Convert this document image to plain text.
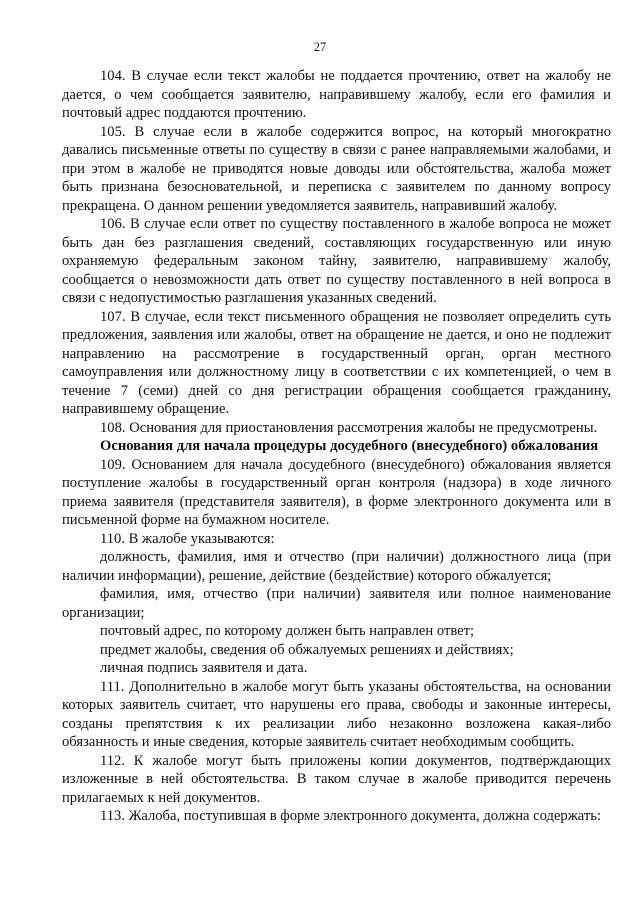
27

104. В случае если текст жалобы не поддается прочтению, ответ на жалобу не дается, о чем сообщается заявителю, направившему жалобу, если его фамилия и почтовый адрес поддаются прочтению.

105. В случае если в жалобе содержится вопрос, на который многократно давались письменные ответы по существу в связи с ранее направляемыми жалобами, и при этом в жалобе не приводятся новые доводы или обстоятельства, жалоба может быть признана безосновательной, и переписка с заявителем по данному вопросу прекращена. О данном решении уведомляется заявитель, направивший жалобу.

106. В случае если ответ по существу поставленного в жалобе вопроса не может быть дан без разглашения сведений, составляющих государственную или иную охраняемую федеральным законом тайну, заявителю, направившему жалобу, сообщается о невозможности дать ответ по существу поставленного в ней вопроса в связи с недопустимостью разглашения указанных сведений.

107. В случае, если текст письменного обращения не позволяет определить суть предложения, заявления или жалобы, ответ на обращение не дается, и оно не подлежит направлению на рассмотрение в государственный орган, орган местного самоуправления или должностному лицу в соответствии с их компетенцией, о чем в течение 7 (семи) дней со дня регистрации обращения сообщается гражданину, направившему обращение.

108. Основания для приостановления рассмотрения жалобы не предусмотрены.

Основания для начала процедуры досудебного (внесудебного) обжалования

109. Основанием для начала досудебного (внесудебного) обжалования является поступление жалобы в государственный орган контроля (надзора) в ходе личного приема заявителя (представителя заявителя), в форме электронного документа или в письменной форме на бумажном носителе.

110. В жалобе указываются:

должность, фамилия, имя и отчество (при наличии) должностного лица (при наличии информации), решение, действие (бездействие) которого обжалуется;

фамилия, имя, отчество (при наличии) заявителя или полное наименование организации;

почтовый адрес, по которому должен быть направлен ответ;

предмет жалобы, сведения об обжалуемых решениях и действиях;

личная подпись заявителя и дата.

111. Дополнительно в жалобе могут быть указаны обстоятельства, на основании которых заявитель считает, что нарушены его права, свободы и законные интересы, созданы препятствия к их реализации либо незаконно возложена какая-либо обязанность и иные сведения, которые заявитель считает необходимым сообщить.

112. К жалобе могут быть приложены копии документов, подтверждающих изложенные в ней обстоятельства. В таком случае в жалобе приводится перечень прилагаемых к ней документов.

113. Жалоба, поступившая в форме электронного документа, должна содержать:
